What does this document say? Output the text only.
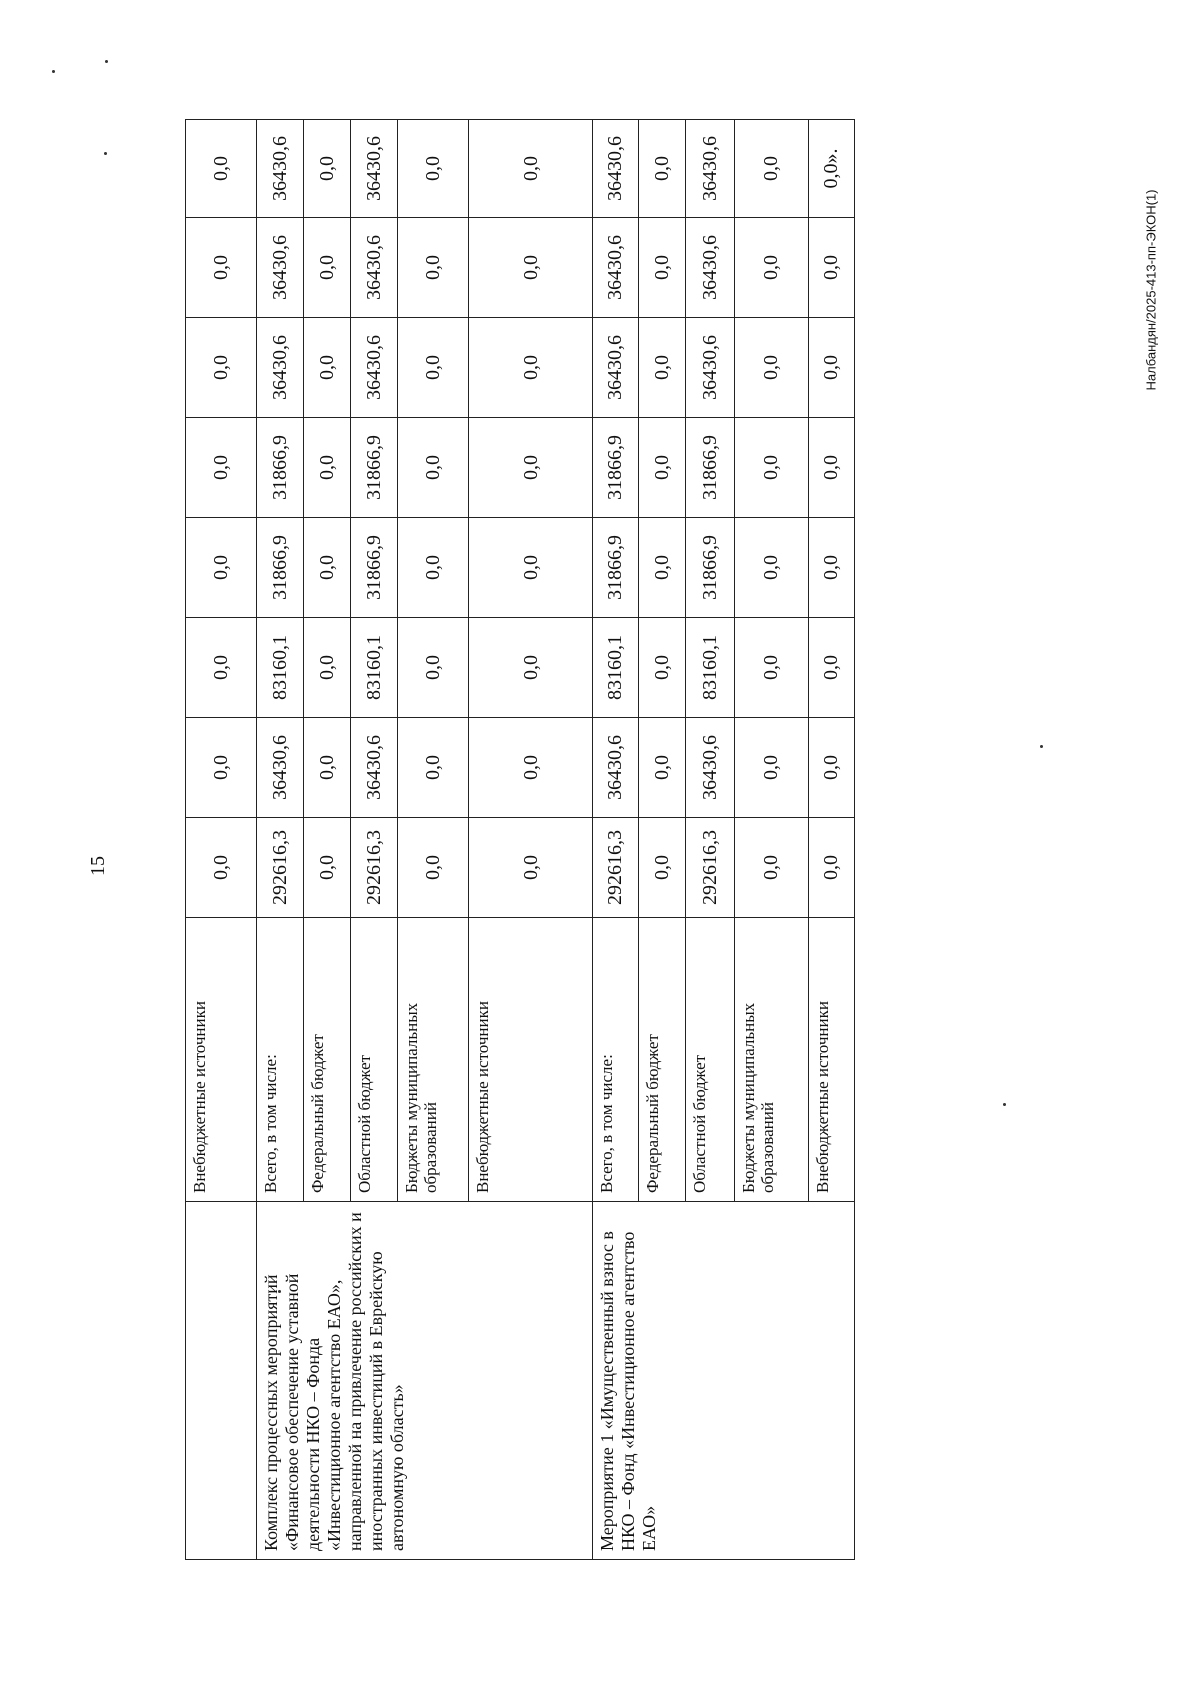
15
Налбандян/2025-413-пп-ЭКОН(1)
	Внебюджетные источники	0,0	0,0	0,0	0,0	0,0	0,0	0,0	0,0
Комплекс процессных мероприятий «Финансовое обеспечение уставной деятельности НКО – Фонда «Инвестиционное агентство ЕАО», направленной на привлечение российских и иностранных инвестиций в Еврейскую автономную область»	Всего, в том числе:	292616,3	36430,6	83160,1	31866,9	31866,9	36430,6	36430,6	36430,6
	Федеральный бюджет	0,0	0,0	0,0	0,0	0,0	0,0	0,0	0,0
	Областной бюджет	292616,3	36430,6	83160,1	31866,9	31866,9	36430,6	36430,6	36430,6
	Бюджеты муниципальных образований	0,0	0,0	0,0	0,0	0,0	0,0	0,0	0,0
	Внебюджетные источники	0,0	0,0	0,0	0,0	0,0	0,0	0,0	0,0
Мероприятие 1 «Имущественный взнос в НКО – Фонд «Инвестиционное агентство ЕАО»	Всего, в том числе:	292616,3	36430,6	83160,1	31866,9	31866,9	36430,6	36430,6	36430,6
	Федеральный бюджет	0,0	0,0	0,0	0,0	0,0	0,0	0,0	0,0
	Областной бюджет	292616,3	36430,6	83160,1	31866,9	31866,9	36430,6	36430,6	36430,6
	Бюджеты муниципальных образований	0,0	0,0	0,0	0,0	0,0	0,0	0,0	0,0
	Внебюджетные источники	0,0	0,0	0,0	0,0	0,0	0,0	0,0	0,0».
